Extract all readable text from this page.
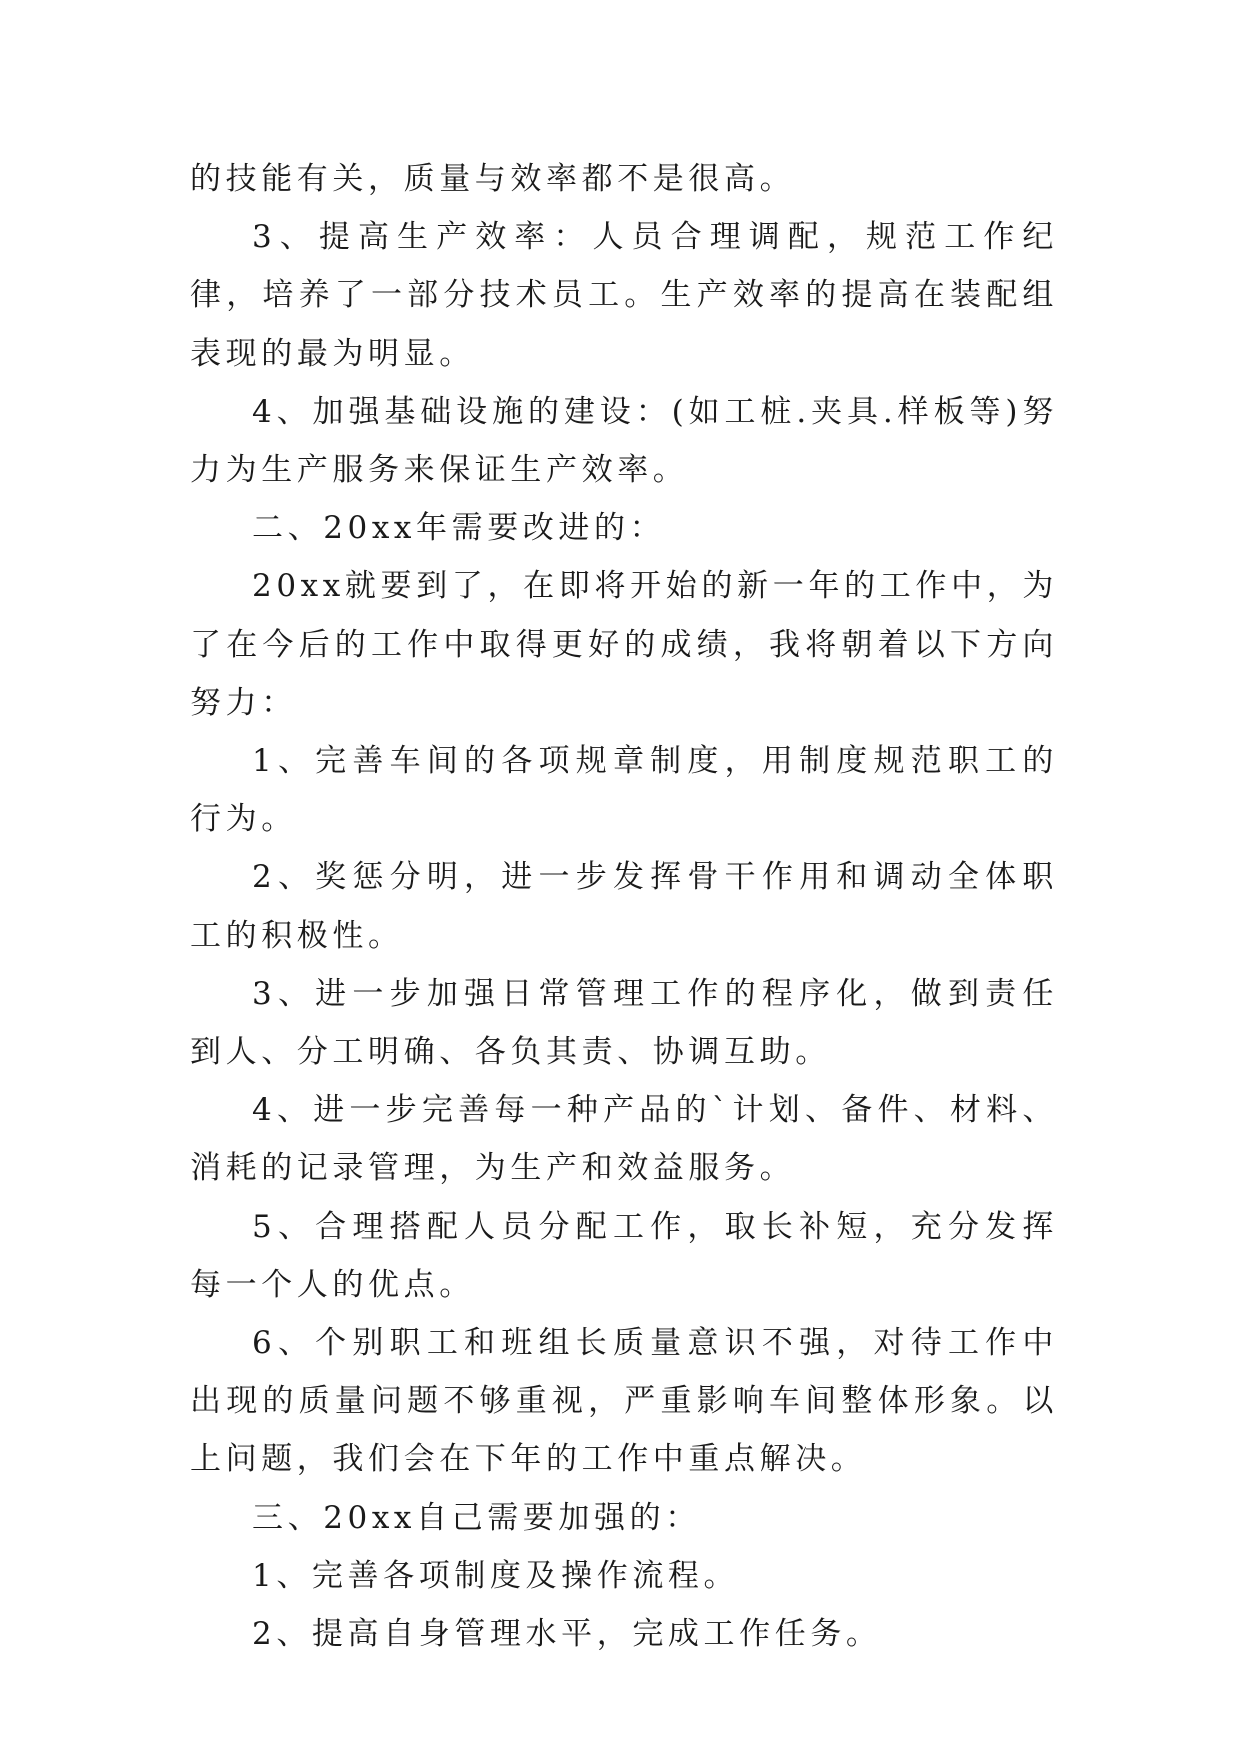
的技能有关，质量与效率都不是很高。

3、提高生产效率：人员合理调配，规范工作纪律，培养了一部分技术员工。生产效率的提高在装配组表现的最为明显。

4、加强基础设施的建设：(如工桩.夹具.样板等)努力为生产服务来保证生产效率。

二、20xx年需要改进的：

20xx就要到了，在即将开始的新一年的工作中，为了在今后的工作中取得更好的成绩，我将朝着以下方向努力：

1、完善车间的各项规章制度，用制度规范职工的行为。

2、奖惩分明，进一步发挥骨干作用和调动全体职工的积极性。

3、进一步加强日常管理工作的程序化，做到责任到人、分工明确、各负其责、协调互助。

4、进一步完善每一种产品的`计划、备件、材料、消耗的记录管理，为生产和效益服务。

5、合理搭配人员分配工作，取长补短，充分发挥每一个人的优点。

6、个别职工和班组长质量意识不强，对待工作中出现的质量问题不够重视，严重影响车间整体形象。以上问题，我们会在下年的工作中重点解决。

三、20xx自己需要加强的：

1、完善各项制度及操作流程。

2、提高自身管理水平，完成工作任务。
